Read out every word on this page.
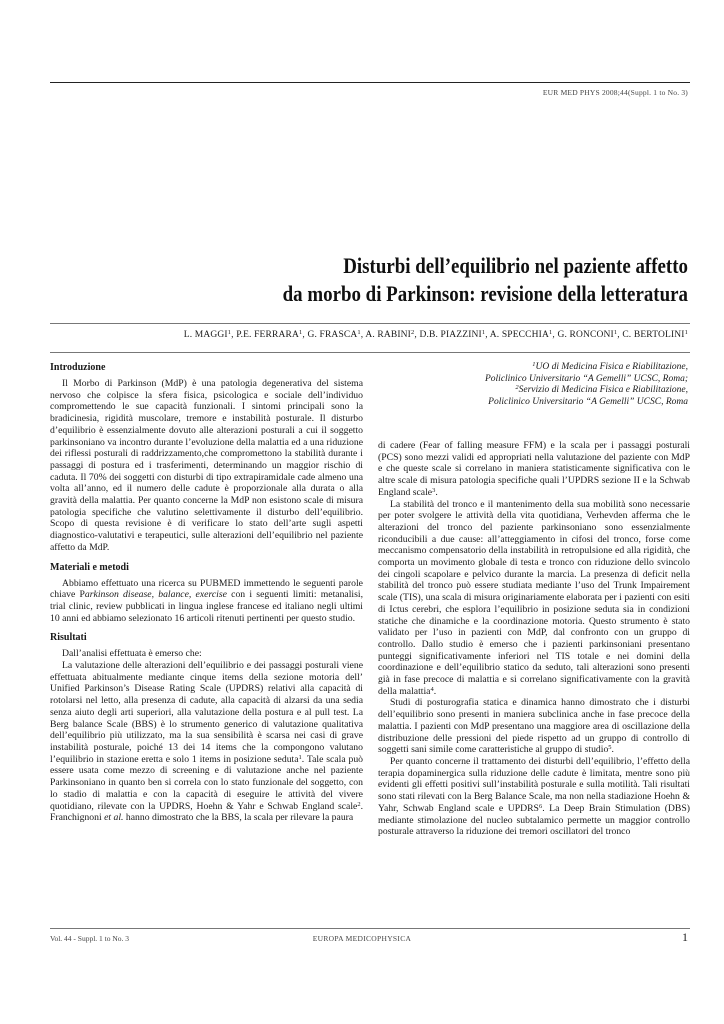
EUR MED PHYS 2008;44(Suppl. 1 to No. 3)
Disturbi dell’equilibrio nel paziente affetto
da morbo di Parkinson: revisione della letteratura
L. MAGGI$^1$, P.E. FERRARA$^1$, G. FRASCA$^1$, A. RABINI$^2$, D.B. PIAZZINI$^1$, A. SPECCHIA$^1$, G. RONCONI$^1$, C. BERTOLINI$^1$
Introduzione

Il Morbo di Parkinson (MdP) è una patologia degenerativa del sistema nervoso che colpisce la sfera fisica, psicologica e sociale dell’individuo compromettendo le sue capacità funzionali. I sintomi principali sono la bradicinesia, rigidità muscolare, tremore e instabilità posturale. Il disturbo d’equilibrio è essenzialmente dovuto alle alterazioni posturali a cui il soggetto parkinsoniano va incontro durante l’evoluzione della malattia ed a una riduzione dei riflessi posturali di raddrizzamento,che compromettono la stabilità durante i passaggi di postura ed i trasferimenti, determinando un maggior rischio di caduta. Il 70% dei soggetti con disturbi di tipo extrapiramidale cade almeno una volta all’anno, ed il numero delle cadute è proporzionale alla durata o alla gravità della malattia. Per quanto concerne la MdP non esistono scale di misura patologia specifiche che valutino selettivamente il disturbo dell’equilibrio. Scopo di questa revisione è di verificare lo stato dell’arte sugli aspetti diagnostico-valutativi e terapeutici, sulle alterazioni dell’equilibrio nel paziente affetto da MdP.

Materiali e metodi

Abbiamo effettuato una ricerca su PUBMED immettendo le seguenti parole chiave Parkinson disease, balance, exercise con i seguenti limiti: metanalisi, trial clinic, review pubblicati in lingua inglese francese ed italiano negli ultimi 10 anni ed abbiamo selezionato 16 articoli ritenuti pertinenti per questo studio.

Risultati

Dall’analisi effettuata è emerso che:

La valutazione delle alterazioni dell’equilibrio e dei passaggi posturali viene effettuata abitualmente mediante cinque items della sezione motoria dell’ Unified Parkinson’s Disease Rating Scale (UPDRS) relativi alla capacità di rotolarsi nel letto, alla presenza di cadute, alla capacità di alzarsi da una sedia senza aiuto degli arti superiori, alla valutazione della postura e al pull test. La Berg balance Scale (BBS) è lo strumento generico di valutazione qualitativa dell’equilibrio più utilizzato, ma la sua sensibilità è scarsa nei casi di grave instabilità posturale, poiché 13 dei 14 items che la compongono valutano l’equilibrio in stazione eretta e solo 1 items in posizione seduta$^1$. Tale scala può essere usata come mezzo di screening e di valutazione anche nel paziente Parkinsoniano in quanto ben si correla con lo stato funzionale del soggetto, con lo stadio di malattia e con la capacità di eseguire le attività del vivere quotidiano, rilevate con la UPDRS, Hoehn & Yahr e Schwab England scale$^2$. Franchignoni et al. hanno dimostrato che la BBS, la scala per rilevare la paura

$^1$UO di Medicina Fisica e Riabilitazione,

Policlinico Universitario “A Gemelli” UCSC, Roma;

$^2$Servizio di Medicina Fisica e Riabilitazione,

Policlinico Universitario “A Gemelli” UCSC, Roma

di cadere (Fear of falling measure FFM) e la scala per i passaggi posturali (PCS) sono mezzi validi ed appropriati nella valutazione del paziente con MdP e che queste scale si correlano in maniera statisticamente significativa con le altre scale di misura patologia specifiche quali l’UPDRS sezione II e la Schwab England scale$^3$.

La stabilità del tronco e il mantenimento della sua mobilità sono necessarie per poter svolgere le attività della vita quotidiana, Verhevden afferma che le alterazioni del tronco del paziente parkinsoniano sono essenzialmente riconducibili a due cause: all’atteggiamento in cifosi del tronco, forse come meccanismo compensatorio della instabilità in retropulsione ed alla rigidità, che comporta un movimento globale di testa e tronco con riduzione dello svincolo dei cingoli scapolare e pelvico durante la marcia. La presenza di deficit nella stabilità del tronco può essere studiata mediante l’uso del Trunk Impairement scale (TIS), una scala di misura originariamente elaborata per i pazienti con esiti di Ictus cerebri, che esplora l’equilibrio in posizione seduta sia in condizioni statiche che dinamiche e la coordinazione motoria. Questo strumento è stato validato per l’uso in pazienti con MdP, dal confronto con un gruppo di controllo. Dallo studio è emerso che i pazienti parkinsoniani presentano punteggi significativamente inferiori nel TIS totale e nei domini della coordinazione e dell’equilibrio statico da seduto, tali alterazioni sono presenti già in fase precoce di malattia e si correlano significativamente con la gravità della malattia$^4$.

Studi di posturografia statica e dinamica hanno dimostrato che i disturbi dell’equilibrio sono presenti in maniera subclinica anche in fase precoce della malattia. I pazienti con MdP presentano una maggiore area di oscillazione della distribuzione delle pressioni del piede rispetto ad un gruppo di controllo di soggetti sani simile come caratteristiche al gruppo di studio$^5$.

Per quanto concerne il trattamento dei disturbi dell’equilibrio, l’effetto della terapia dopaminergica sulla riduzione delle cadute è limitata, mentre sono più evidenti gli effetti positivi sull’instabilità posturale e sulla motilità. Tali risultati sono stati rilevati con la Berg Balance Scale, ma non nella stadiazione Hoehn & Yahr, Schwab England scale e UPDRS$^6$. La Deep Brain Stimulation (DBS) mediante stimolazione del nucleo subtalamico permette un maggior controllo posturale attraverso la riduzione dei tremori oscillatori del tronco

Vol. 44 - Suppl. 1 to No. 3	EUROPA MEDICOPHYSICA	1
